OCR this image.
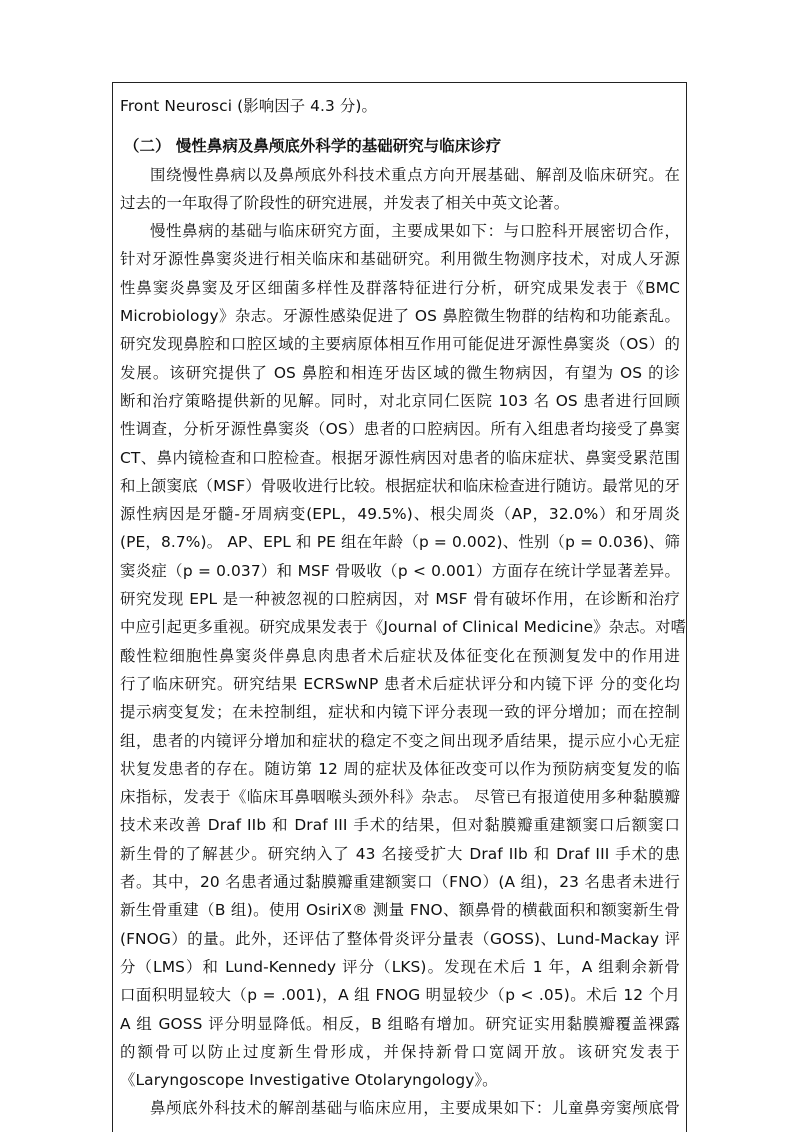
Front Neurosci (影响因子 4.3 分)。
（二） 慢性鼻病及鼻颅底外科学的基础研究与临床诊疗
围绕慢性鼻病以及鼻颅底外科技术重点方向开展基础、解剖及临床研究。在
过去的一年取得了阶段性的研究进展，并发表了相关中英文论著。
慢性鼻病的基础与临床研究方面，主要成果如下：与口腔科开展密切合作，
针对牙源性鼻窦炎进行相关临床和基础研究。利用微生物测序技术，对成人牙源
性鼻窦炎鼻窦及牙区细菌多样性及群落特征进行分析，研究成果发表于《BMC
Microbiology》杂志。牙源性感染促进了 OS 鼻腔微生物群的结构和功能紊乱。
研究发现鼻腔和口腔区域的主要病原体相互作用可能促进牙源性鼻窦炎（OS）的
发展。该研究提供了 OS 鼻腔和相连牙齿区域的微生物病因，有望为 OS 的诊
断和治疗策略提供新的见解。同时，对北京同仁医院 103 名 OS 患者进行回顾
性调查，分析牙源性鼻窦炎（OS）患者的口腔病因。所有入组患者均接受了鼻窦
CT、鼻内镜检查和口腔检查。根据牙源性病因对患者的临床症状、鼻窦受累范围
和上颌窦底（MSF）骨吸收进行比较。根据症状和临床检查进行随访。最常见的牙
源性病因是牙髓-牙周病变(EPL，49.5%)、根尖周炎（AP，32.0%）和牙周炎
(PE，8.7%)。 AP、EPL 和 PE 组在年龄（p = 0.002)、性别（p = 0.036)、筛
窦炎症（p = 0.037）和 MSF 骨吸收（p < 0.001）方面存在统计学显著差异。
研究发现 EPL 是一种被忽视的口腔病因，对 MSF 骨有破坏作用，在诊断和治疗
中应引起更多重视。研究成果发表于《Journal of Clinical Medicine》杂志。对嗜
酸性粒细胞性鼻窦炎伴鼻息肉患者术后症状及体征变化在预测复发中的作用进
行了临床研究。研究结果 ECRSwNP 患者术后症状评分和内镜下评 分的变化均
提示病变复发；在未控制组，症状和内镜下评分表现一致的评分增加；而在控制
组，患者的内镜评分增加和症状的稳定不变之间出现矛盾结果，提示应小心无症
状复发患者的存在。随访第 12 周的症状及体征改变可以作为预防病变复发的临
床指标，发表于《临床耳鼻咽喉头颈外科》杂志。 尽管已有报道使用多种黏膜瓣
技术来改善 Draf IIb 和 Draf III 手术的结果，但对黏膜瓣重建额窦口后额窦口
新生骨的了解甚少。研究纳入了 43 名接受扩大 Draf IIb 和 Draf III 手术的患
者。其中，20 名患者通过黏膜瓣重建额窦口（FNO）(A 组)，23 名患者未进行
新生骨重建（B 组)。使用 OsiriX® 测量 FNO、额鼻骨的横截面积和额窦新生骨
(FNOG）的量。此外，还评估了整体骨炎评分量表（GOSS)、Lund-Mackay 评
分（LMS）和 Lund-Kennedy 评分（LKS)。发现在术后 1 年，A 组剩余新骨
口面积明显较大（p = .001)，A 组 FNOG 明显较少（p < .05)。术后 12 个月
A 组 GOSS 评分明显降低。相反，B 组略有增加。研究证实用黏膜瓣覆盖裸露
的额骨可以防止过度新生骨形成，并保持新骨口宽阔开放。该研究发表于
《Laryngoscope Investigative Otolaryngology》。
鼻颅底外科技术的解剖基础与临床应用，主要成果如下：儿童鼻旁窦颅底骨
